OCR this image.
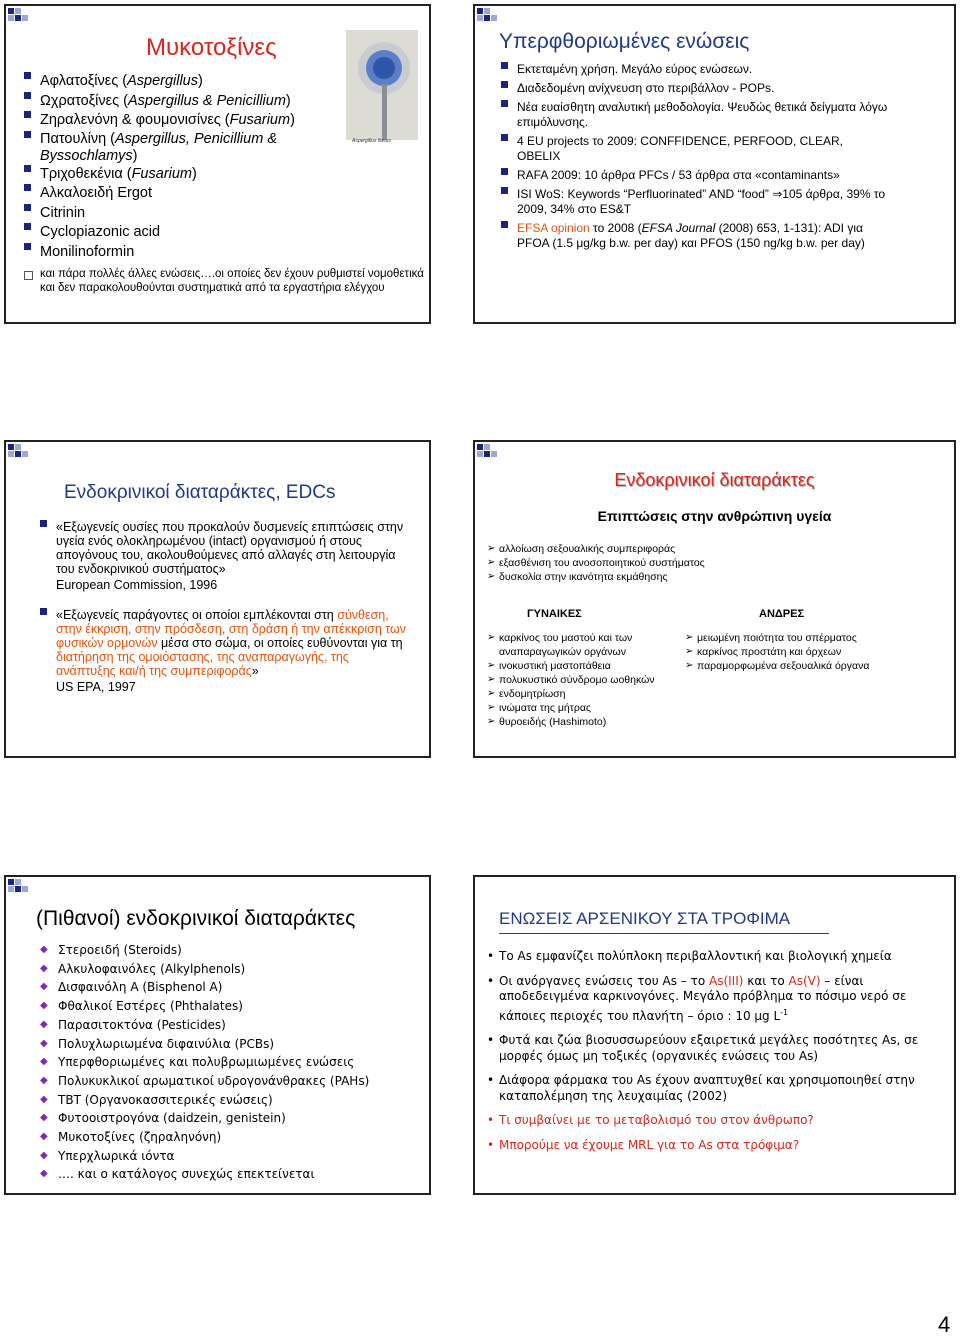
Μυκοτοξίνες
Aspergillus flavus
Αφλατοξίνες (Aspergillus)
Ωχρατοξίνες (Aspergillus & Penicillium)
Ζηραλενόνη & φουμονισίνες (Fusarium)
Πατουλίνη (Aspergillus, Penicillium & Byssochlamys)
Τριχοθεκένια (Fusarium)
Αλκαλοειδή Ergot
Citrinin
Cyclopiazonic acid
Monilinoformin
και πάρα πολλές άλλες ενώσεις….οι οποίες δεν έχουν ρυθμιστεί νομοθετικά και δεν παρακολουθούνται συστηματικά από τα εργαστήρια ελέγχου
Υπερφθοριωμένες ενώσεις
Εκτεταμένη χρήση. Μεγάλο εύρος ενώσεων.
Διαδεδομένη ανίχνευση στο περιβάλλον - POPs.
Νέα ευαίσθητη αναλυτική μεθοδολογία. Ψευδώς θετικά δείγματα λόγω επιμόλυνσης.
4 EU projects το 2009: CONFFIDENCE, PERFOOD, CLEAR, OBELIX
RAFA 2009: 10 άρθρα PFCs / 53 άρθρα στα «contaminants»
ISI WoS: Keywords “Perfluorinated” AND “food” ⇒105 άρθρα, 39% το 2009, 34% στο ES&T
EFSA opinion το 2008 (EFSA Journal (2008) 653, 1-131): ADI για PFOA (1.5 μg/kg b.w. per day) και PFOS (150 ng/kg b.w. per day)
Ενδοκρινικοί διαταράκτες, EDCs
«Εξωγενείς ουσίες που προκαλούν δυσμενείς επιπτώσεις στην υγεία ενός ολοκληρωμένου (intact) οργανισμού ή στους απογόνους του, ακολουθούμενες από αλλαγές στη λειτουργία του ενδοκρινικού συστήματος»
European Commission, 1996
«Εξωγενείς παράγοντες οι οποίοι εμπλέκονται στη σύνθεση, στην έκκριση, στην πρόσδεση, στη δράση ή την απέκκριση των φυσικών ορμονών μέσα στο σώμα, οι οποίες ευθύνονται για τη διατήρηση της ομοιόστασης, της αναπαραγωγής, της ανάπτυξης και/ή της συμπεριφοράς»
US EPA, 1997
Ενδοκρινικοί διαταράκτες
Επιπτώσεις στην ανθρώπινη υγεία
➢ αλλοίωση σεξουαλικής συμπεριφοράς
➢ εξασθένιση του ανοσοποιητικού συστήματος
➢ δυσκολία στην ικανότητα εκμάθησης
ΓΥΝΑΙΚΕΣ	ΑΝΔΡΕΣ
➢ καρκίνος του μαστού και των αναπαραγωγικών οργάνων
➢ ινοκυστική μαστοπάθεια
➢ πολυκυστικό σύνδρομο ωοθηκών
➢ ενδομητρίωση
➢ ινώματα της μήτρας
➢ θυροειδής (Hashimoto)
➢ μειωμένη ποιότητα του σπέρματος
➢ καρκίνος προστάτη και όρχεων
➢ παραμορφωμένα σεξουαλικά όργανα
(Πιθανοί) ενδοκρινικοί διαταράκτες
◆ Στεροειδή (Steroids)
◆ Αλκυλοφαινόλες (Alkylphenols)
◆ Δισφαινόλη Α (Bisphenol A)
◆ Φθαλικοί Εστέρες (Phthalates)
◆ Παρασιτοκτόνα (Pesticides)
◆ Πολυχλωριωμένα διφαινύλια (PCBs)
◆ Υπερφθοριωμένες και πολυβρωμιωμένες ενώσεις
◆ Πολυκυκλικοί αρωματικοί υδρογονάνθρακες (PAHs)
◆ TBT (Οργανοκασσιτερικές ενώσεις)
◆ Φυτοοιστρογόνα (daidzein, genistein)
◆ Μυκοτοξίνες (ζηραληνόνη)
◆ Υπερχλωρικά ιόντα
◆ …. και ο κατάλογος συνεχώς επεκτείνεται
ΕΝΩΣΕΙΣ ΑΡΣΕΝΙΚΟΥ ΣΤΑ ΤΡΟΦΙΜΑ
• Το As εμφανίζει πολύπλοκη περιβαλλοντική και βιολογική χημεία
• Οι ανόργανες ενώσεις του As – το As(III) και το As(V) – είναι αποδεδειγμένα καρκινογόνες. Μεγάλο πρόβλημα το πόσιμο νερό σε κάποιες περιοχές του πλανήτη – όριο : 10 μg $L^{-1}$
• Φυτά και ζώα βιοσυσσωρεύουν εξαιρετικά μεγάλες ποσότητες As, σε μορφές όμως μη τοξικές (οργανικές ενώσεις του As)
• Διάφορα φάρμακα του As έχουν αναπτυχθεί και χρησιμοποιηθεί στην καταπολέμηση της λευχαιμίας (2002)
• Τι συμβαίνει με το μεταβολισμό του στον άνθρωπο?
• Μπορούμε να έχουμε MRL για το As στα τρόφιμα?
4
